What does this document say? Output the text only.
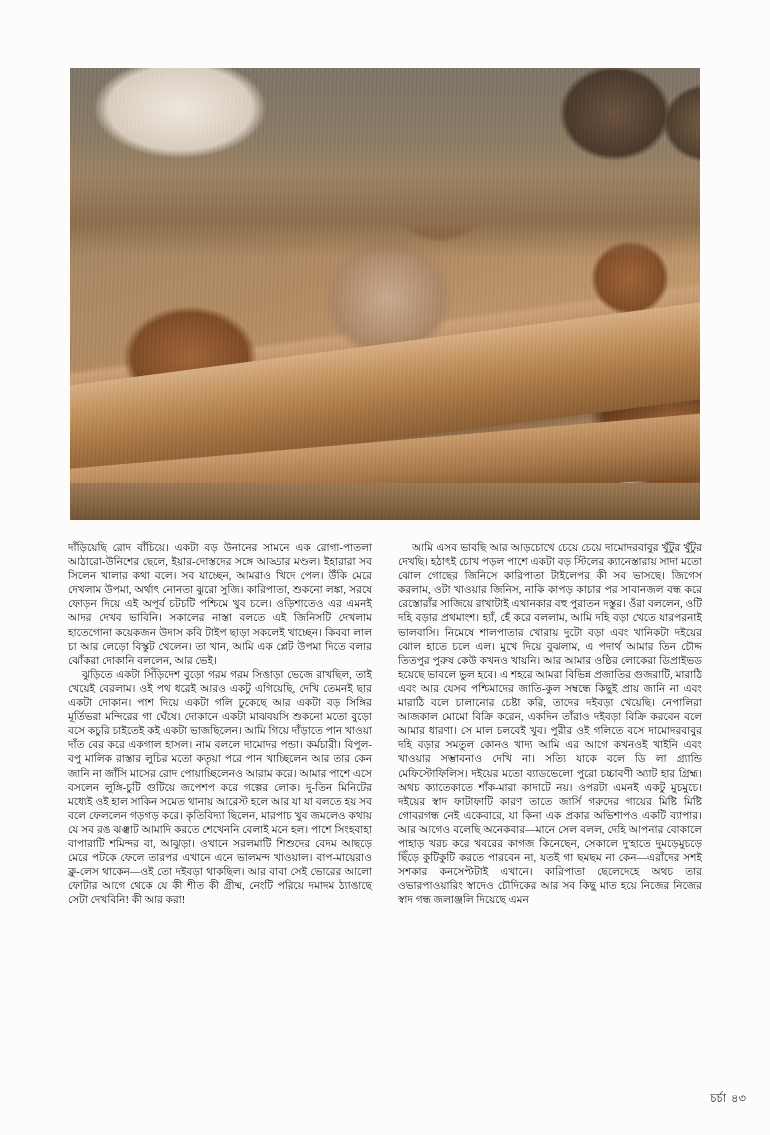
দাঁড়িয়েছি রোদ বাঁচিয়ে। একটা বড় উনানের সামনে এক রোগা-পাতলা আঠারো-উনিশের ছেলে, ইয়ার-দোস্তদের সঙ্গে আড্ডার মণ্ডল। ইহারারা সব সিলেন খালার কথা বলে। সব যাচ্ছেন, আমরাও খিদে পেল। উঁকি মেরে দেখলাম উপমা, অর্থাৎ নোনতা ঝুরো সুজি। কারিপাতা, শুকনো লঙ্কা, সরষে ফোড়ন দিয়ে এই অপূর্ব চটচটি পশ্চিমে খুব চলে। ওড়িশাতেও এর এমনই আদর দেখব ভাবিনি। সকালের নাস্তা বলতে এই জিনিসটি দেখলাম হাতেগোনা কয়েকজন উদাস কবি টাইপ ছাড়া সকলেই খাচ্ছেন। কিববা লাল চা আর লেড়ো বিস্কুট খেলেন। তা খান, আমি এক প্লেট উপমা দিতে বলার ঝোঁকরা দোকানি বললেন, আর ভেই।

ঝুড়িতে একটা সিঁড়িদেশ বুড়ো গরম গরম সিঙাড়া ভেজে রাখছিল, তাই খেয়েই বেরলাম। ওই পথ ধরেই আরও একটু এগিয়েছি, দেখি তেমনই ছার একটা দোকান। পাশ দিয়ে একটা গলি ঢুকেছে আর একটা বড় সিঙ্গির মূর্তিভরা মন্দিরের গা ঘেঁষে। দোকানে একটা মাঝবয়সি শুকনো মতো বুড়ো বসে কচুরি চাইতেই কই একটা ভাজছিলেন। আমি গিয়ে দাঁড়াতে পান খাওয়া দাঁত বের করে একগাল হাসল। নাম বললে দামোদর পন্ডা। কর্মচারী। বিপুল-বপু মালিক রাস্তার লুচির মতো কতৃয়া পরে পান খাচ্ছিলেন আর তার কেন জানি না জাঁসি মাসের রোদ পোয়াচ্ছিলেনও আরাম করে। আমার পাশে এসে বসলেন লুঙ্গি-চুটি গুটিয়ে জপেশপ করে গল্পের লোক। দু-তিন মিনিটের মধ্যেই ওই হাল সাকিন সমেত থানায় আরেস্ট হলে আর যা যা বলতে হয় সব বলে ফেললেন গড়গড় করে। কৃতিবিদ্যা ছিলেন, মারপাচ খুব জমলেও কথায় যে সব রঙ ঝঞ্ঝাট আমাদি করতে শেখেননি বেলাই মনে হল। পাশে সিংহবাহা বাপারাটি শমিন্দর বা, আঝুড়া। ওখানে সরলমাটি শিশুদের বেদম আছড়ে মেরে পটকে ফেলে তারপর এখানে এনে ভালমন্দ খাওয়াল। বাপ-মায়েরাও ক্লু-লেস থাকেন—ওই তো দইবড়া থাকছিল। আর বাবা সেই ভোরের আলো ফোটার আগে থেকে যে কী শীত কী গ্রীষ্ম, নেংটি পরিয়ে দমাদম ঠ্যাঙাছে সেটা দেখবিনি! কী আর করা!

আমি এসব ভাবছি আর আড়চোখে চেয়ে চেয়ে দামোদরবাবুর খুঁটুর খুঁটুর দেখছি। হঠাৎই চোখ পড়ল পাশে একটা বড় স্টিলের ক্যানেস্তারায় সাদা মতো ঝোল গোছের জিনিসে কারিপাতা টাইলেপর কী সব ভাসছে। জিগেস করলাম, ওটা খাওয়ার জিনিস, নাকি কাপড় কাচার পর সাবানজল বন্ধ করে রেস্তোরাঁর সাজিয়ে রাখাটাই এখানকার বহু পুরাতন দস্তুর। ওঁরা বললেন, ওটি দহি বড়ার প্রথমাংশ। হ্যাঁ, হেঁ করে বললাম, আমি দহি বড়া খেতে যারপরনাই ভালবাসি। নিমেষে শালপাতার খোরায় দুটো বড়া এবং খানিকটা দইয়ের ঝোল হাতে চলে এল। মুখে দিয়ে বুঝলাম, এ পদার্থ আমার তিন চৌদ্দ তিতপুর পুরুষ কেউ কখনও খায়নি। আর আমার ওষ্ঠির লোকেরা ডিপ্রাইভড হয়েছে ভাবলে ভুল হবে। এ শহরে আমরা বিভিন্ন প্রজাতির গুজরাটি, মারাঠি এবং আর যেসব পশ্চিমাদের জাতি-কুল সম্বন্ধে কিছুই প্রায় জানি না এবং মারাঠি বলে চালানোর চেষ্টা করি, তাদের দইবড়া খেয়েছি। নেপালিরা আজকাল মোমো বিক্রি করেন, একদিন তাঁরাও দইবড়া বিক্রি করবেন বলে আমার ধারণা। সে মাল চলবেই খুব। পুরীর ওই গলিতে বসে দামোদরবাবুর দহি বড়ার সমতুল কোনও খাদ্য আমি এর আগে কখনওই খাইনি এবং খাওয়ার সম্ভাবনাও দেখি না। সত্যি যাকে বলে ডি লা গ্র্যান্ডি মেফিস্টোফিলিস। দইয়ের মতো ব্যাডভেলো পুরো চচ্চাবণী অ্যাট হার গ্রিহ্ম। অথচ ক্যাতেকাতে শাঁক-মারা কাদাটে নয়। ওপরটা এমনই একটু মুচমুচে। দইয়ের স্বাদ ফাটাফাটি কারণ তাতে জার্সি গরুদের গায়ের মিষ্টি মিষ্টি গোবরগন্ধ নেই একেবারে, যা কিনা এক প্রকার অভিশাপও একটি ব্যাপার। আর আগেও বলেছি অনেকবার—মানে সেল বলল, দেহি আপনার বোকালে পাহাড় খরচ করে খবরের কাগজ কিনেছেন, সেকালে দু'হাতে দুমড়েমুচড়ে ছিঁড়ে কুটিকুটি করতে পারবেন না, যতই গা ছমছম না কেন—এরাঁদের সশই সশকার কনসেপ্টটাই এখানে। কারিপাতা ছেলেদেহে অথচ তার ওভারপাওয়ারিং স্বাদেও চৌদিকের আর সব কিছু মাত হয়ে নিজের নিজের স্বাদ গন্ধ জলাঞ্জলি দিয়েছে এমন

চর্চা ৪৩
